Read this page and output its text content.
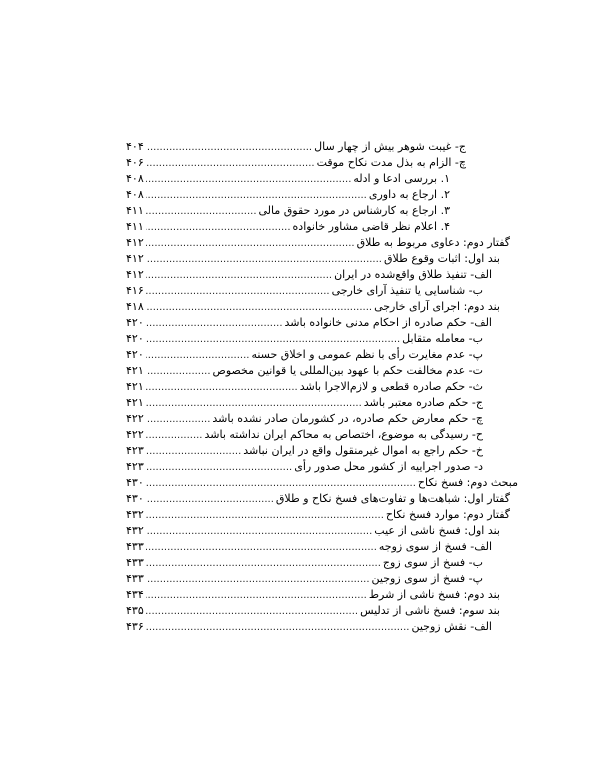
ج- غیبت شوهر بیش از چهار سال
.....
۴۰۴
چ- الزام به بذل مدت نکاح موقت
.....
۴۰۶
۱. بررسی ادعا و ادله
.....
۴۰۸
۲. ارجاع به داوری
.....
۴۰۸
۳. ارجاع به کارشناس در مورد حقوق مالی
.....
۴۱۱
۴. اعلام نظر قاضی مشاور خانواده
.....
۴۱۱
گفتار دوم: دعاوی مربوط به طلاق
.....
۴۱۲
بند اول: اثبات وقوع طلاق
.....
۴۱۲
الف- تنفیذ طلاق واقع‌شده در ایران
.....
۴۱۲
ب- شناسایی یا تنفیذ آرای خارجی
.....
۴۱۶
بند دوم: اجرای آرای خارجی
.....
۴۱۸
الف- حکم صادره از احکام مدنی خانواده باشد
.....
۴۲۰
ب- معامله متقابل
.....
۴۲۰
پ- عدم مغایرت رأی با نظم عمومی و اخلاق حسنه
.....
۴۲۰
ت- عدم مخالفت حکم با عهود بین‌المللی یا قوانین مخصوص
.....
۴۲۱
ث- حکم صادره قطعی و لازم‌الاجرا باشد
.....
۴۲۱
ج- حکم صادره معتبر باشد
.....
۴۲۱
چ- حکم معارض حکم صادره، در کشورمان صادر نشده باشد
.....
۴۲۲
ح- رسیدگی به موضوع، اختصاص به محاکم ایران نداشته باشد
.....
۴۲۲
خ- حکم راجع به اموال غیرمنقول واقع در ایران نباشد
.....
۴۲۳
د- صدور اجراییه از کشور محل صدور رأی
.....
۴۲۳
مبحث دوم: فسخ نکاح
.....
۴۳۰
گفتار اول: شباهت‌ها و تفاوت‌های فسخ نکاح و طلاق
.....
۴۳۰
گفتار دوم: موارد فسخ نکاح
.....
۴۳۲
بند اول: فسخ ناشی از عیب
.....
۴۳۲
الف- فسخ از سوی زوجه
.....
۴۳۳
ب- فسخ از سوی زوج
.....
۴۳۳
پ- فسخ از سوی زوجین
.....
۴۳۳
بند دوم: فسخ ناشی از شرط
.....
۴۳۴
بند سوم: فسخ ناشی از تدلیس
.....
۴۳۵
الف- نقش زوجین
.....
۴۳۶
